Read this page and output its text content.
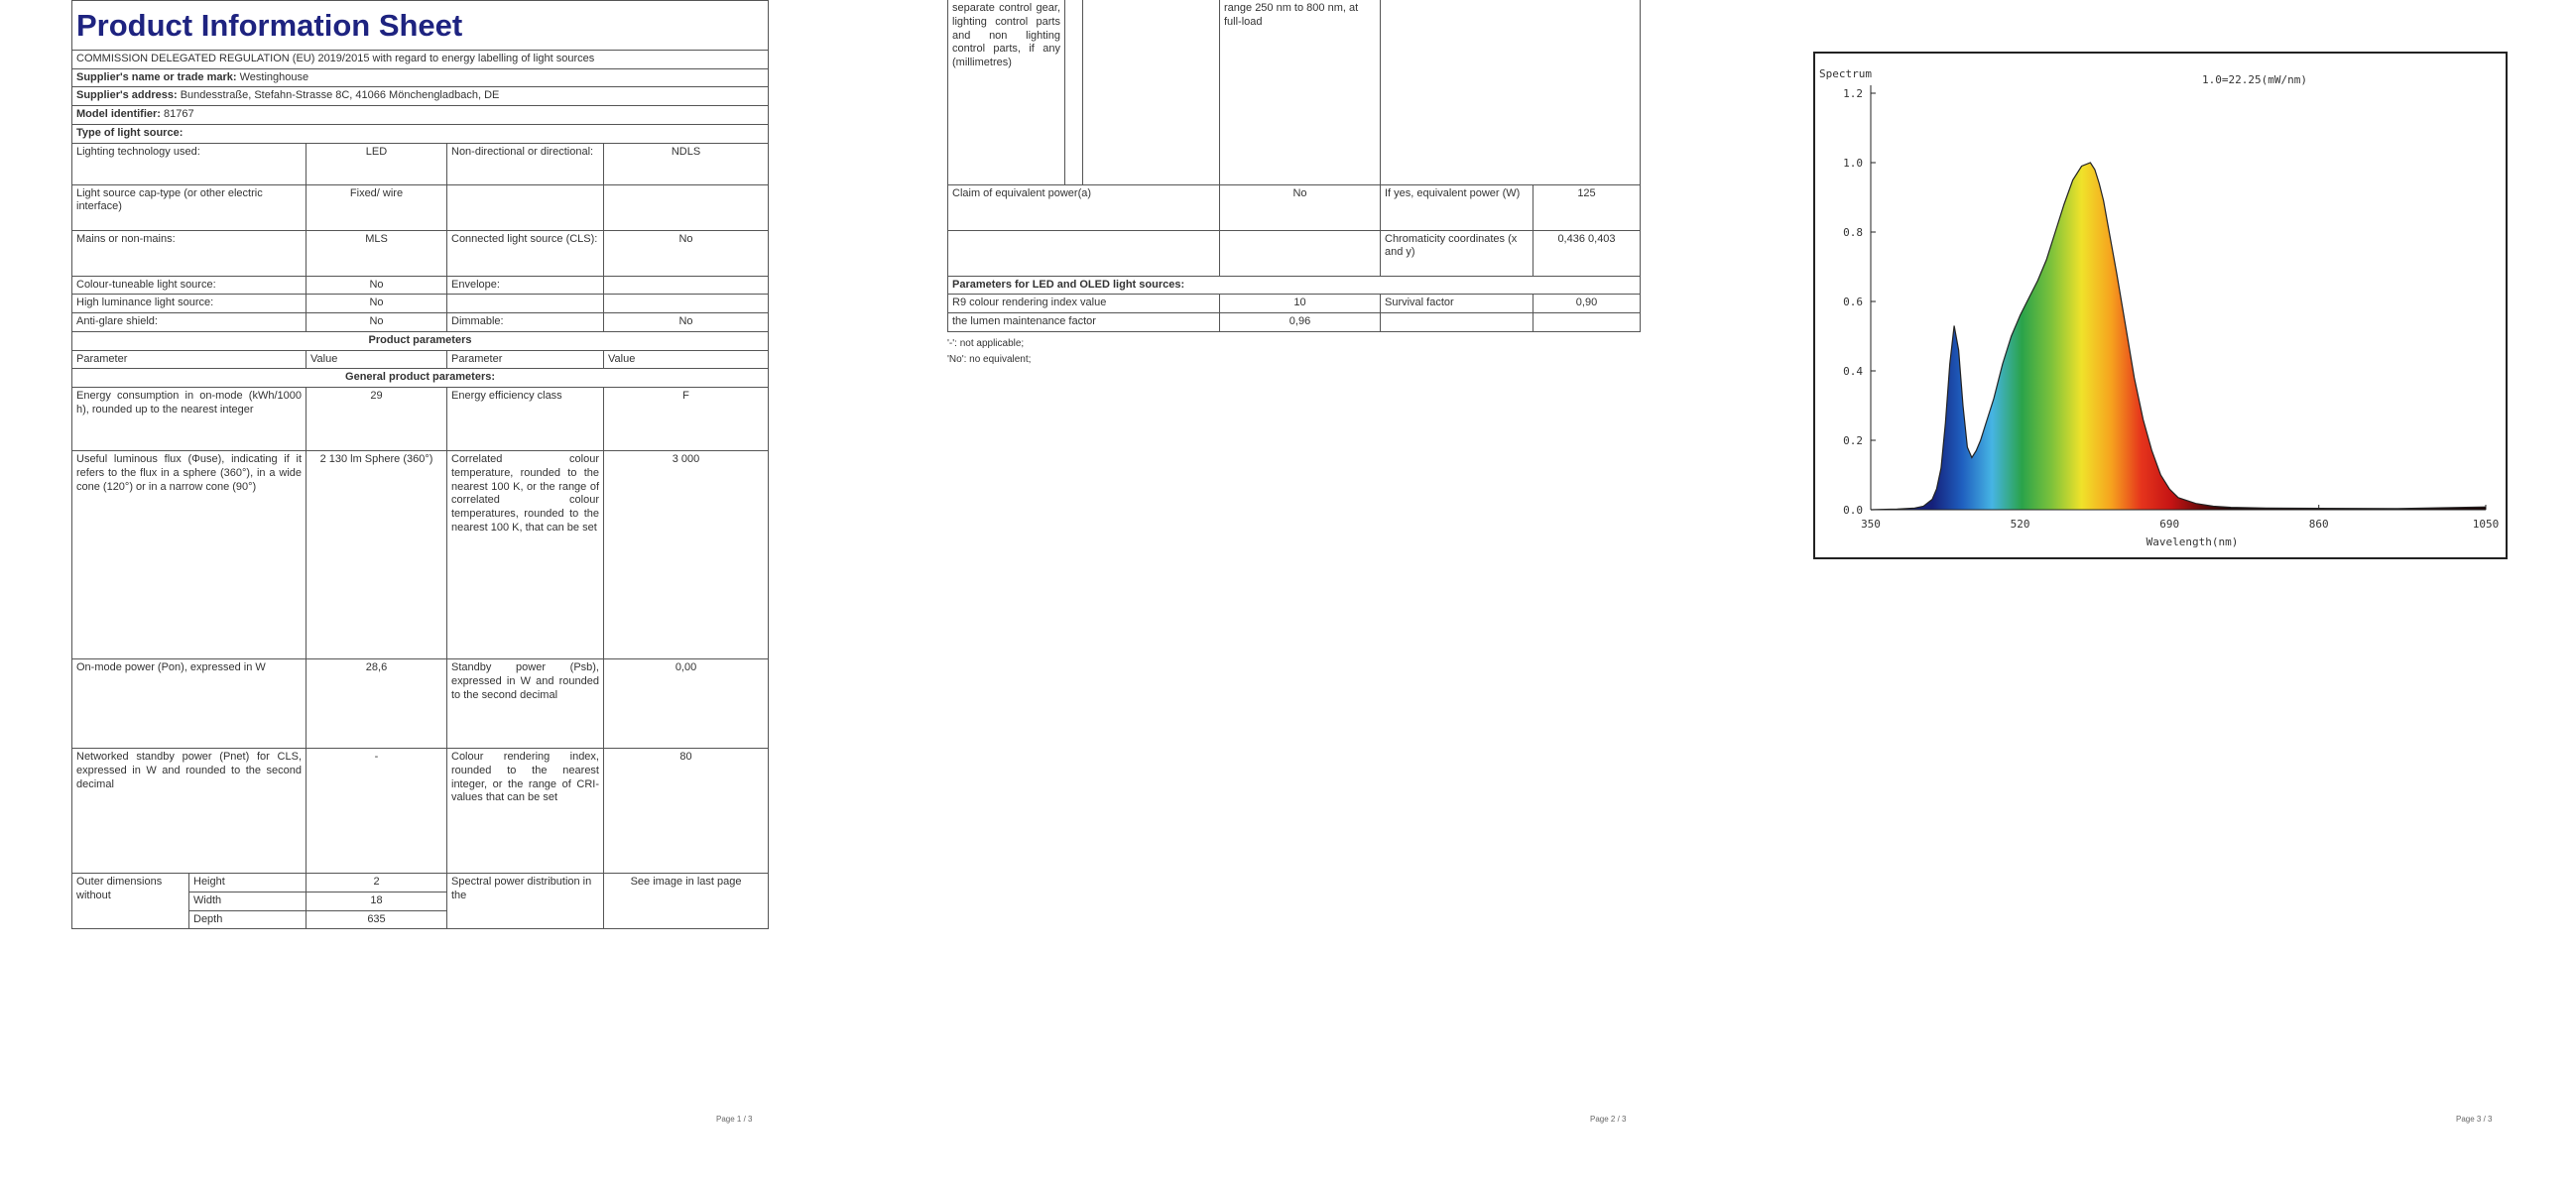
Product Information Sheet				
COMMISSION DELEGATED REGULATION (EU) 2019/2015 with regard to energy labelling of light sources				
Supplier's name or trade mark: Westinghouse				
Supplier's address: Bundesstraße, Stefahn-Strasse 8C, 41066 Mönchengladbach, DE				
Model identifier: 81767				
Type of light source:				
Lighting technology used:		LED	Non-directional or directional:	NDLS
Light source cap-type (or other electric interface)		Fixed/ wire		
Mains or non-mains:		MLS	Connected light source (CLS):	No
Colour-tuneable light source:		No	Envelope:	
High luminance light source:		No		
Anti-glare shield:		No	Dimmable:	No
Product parameters				
Parameter		Value	Parameter	Value
General product parameters:				
Energy consumption in on-mode (kWh/1000 h), rounded up to the nearest integer		29	Energy efficiency class	F
Useful luminous flux (Φuse), indicating if it refers to the flux in a sphere (360°), in a wide cone (120°) or in a narrow cone (90°)		2 130 lm Sphere (360°)	Correlated colour temperature, rounded to the nearest 100 K, or the range of correlated colour temperatures, rounded to the nearest 100 K, that can be set	3 000
On-mode power (Pon), expressed in W		28,6	Standby power (Psb), expressed in W and rounded to the second decimal	0,00
Networked standby power (Pnet) for CLS, expressed in W and rounded to the second decimal		-	Colour rendering index, rounded to the nearest integer, or the range of CRI-values that can be set	80
Outer dimensions without	Height	2	Spectral power distribution in the	See image in last page
	Width	18		
	Depth	635		
Page 1 / 3
separate control gear, lighting control parts and non lighting control parts, if any (millimetres)			range 250 nm to 800 nm, at full-load		
Claim of equivalent power(a)			No	If yes, equivalent power (W)	125
				Chromaticity coordinates (x and y)	0,436 0,403
Parameters for LED and OLED light sources:					
R9 colour rendering index value			10	Survival factor	0,90
the lumen maintenance factor			0,96		
'-': not applicable;
'No': no equivalent;
Page 2 / 3	Page 3 / 3
Spectrum	1.0=22.25(mW/nm)
Wavelength(nm)
0.0
0.2
0.4
0.6
0.8
1.0
1.2
350	520	690	860	1050
